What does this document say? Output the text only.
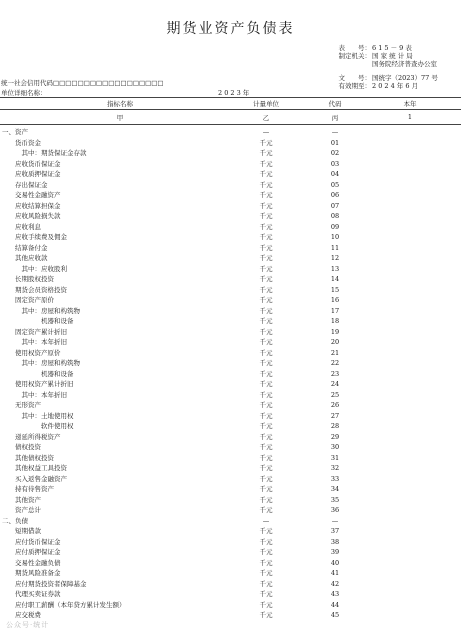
期货业资产负债表
表　　 号： 6 1 5 － 9 表
制定机关： 国 家 统 计 局
国务院经济普查办公室
文　　 号： 国统字（2023）77 号
有效期至： 2 0 2 4 年 6 月
统一社会信用代码□□□□□□□□□□□□□□□□□□
单位详细名称：	2 0 2 3 年
指标名称	计量单位	代码	本年
甲	乙	丙	1
一、资产	—	—
　　货币资金	千元	01
　　　其中：期货保证金存款	千元	02
　　应收货币保证金	千元	03
　　应收质押保证金	千元	04
　　存出保证金	千元	05
　　交易性金融资产	千元	06
　　应收结算担保金	千元	07
　　应收风险损失款	千元	08
　　应收利息	千元	09
　　应收手续费及佣金	千元	10
　　结算备付金	千元	11
　　其他应收款	千元	12
　　　其中：应收股利	千元	13
　　长期股权投资	千元	14
　　期货会员资格投资	千元	15
　　固定资产原价	千元	16
　　　其中：房屋和构筑物	千元	17
　　　　　　机器和设备	千元	18
　　固定资产累计折旧	千元	19
　　　其中：本年折旧	千元	20
　　使用权资产原价	千元	21
　　　其中：房屋和构筑物	千元	22
　　　　　　机器和设备	千元	23
　　使用权资产累计折旧	千元	24
　　　其中：本年折旧	千元	25
　　无形资产	千元	26
　　　其中：土地使用权	千元	27
　　　　　　软件使用权	千元	28
　　递延所得税资产	千元	29
　　债权投资	千元	30
　　其他债权投资	千元	31
　　其他权益工具投资	千元	32
　　买入返售金融资产	千元	33
　　持有待售资产	千元	34
　　其他资产	千元	35
　　资产总计	千元	36
二、负债	—	—
　　短期借款	千元	37
　　应付货币保证金	千元	38
　　应付质押保证金	千元	39
　　交易性金融负债	千元	40
　　期货风险准备金	千元	41
　　应付期货投资者保障基金	千元	42
　　代理买卖证券款	千元	43
　　应付职工薪酬（本年贷方累计发生额）	千元	44
　　应交税费	千元	45
公众号·统计
